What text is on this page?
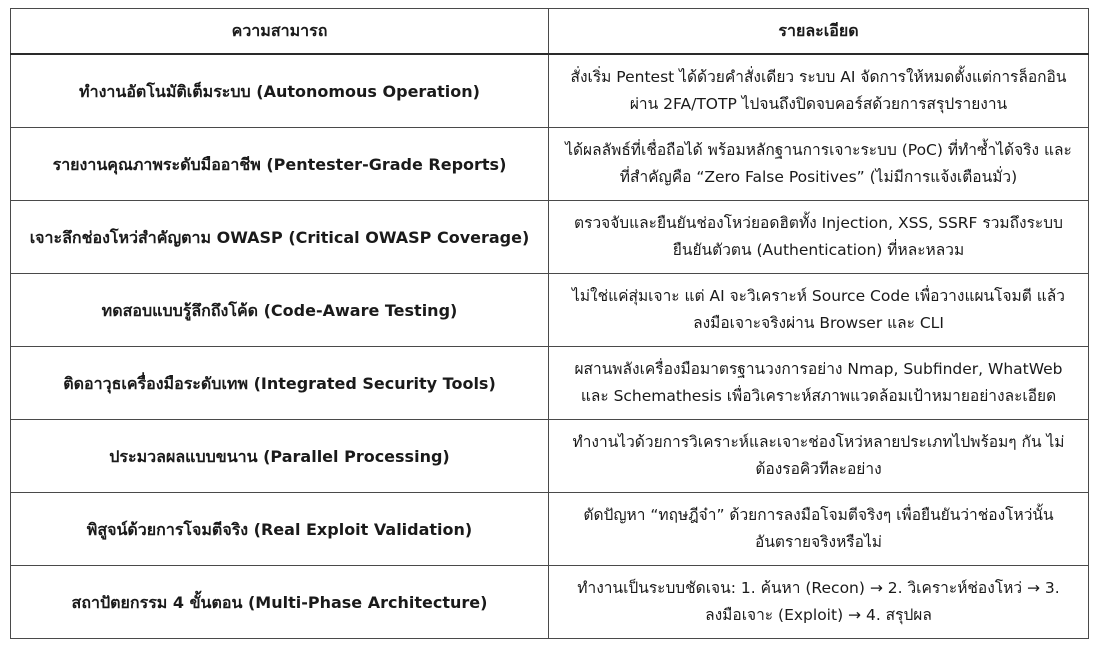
ความสามารถ	รายละเอียด
ทำงานอัตโนมัติเต็มระบบ (Autonomous Operation)	สั่งเริ่ม Pentest ได้ด้วยคำสั่งเดียว ระบบ AI จัดการให้หมดตั้งแต่การล็อกอินผ่าน 2FA/TOTP ไปจนถึงปิดจบคอร์สด้วยการสรุปรายงาน
รายงานคุณภาพระดับมืออาชีพ (Pentester-Grade Reports)	ได้ผลลัพธ์ที่เชื่อถือได้ พร้อมหลักฐานการเจาะระบบ (PoC) ที่ทำซ้ำได้จริง และที่สำคัญคือ “Zero False Positives” (ไม่มีการแจ้งเตือนมั่ว)
เจาะลึกช่องโหว่สำคัญตาม OWASP (Critical OWASP Coverage)	ตรวจจับและยืนยันช่องโหว่ยอดฮิตทั้ง Injection, XSS, SSRF รวมถึงระบบยืนยันตัวตน (Authentication) ที่หละหลวม
ทดสอบแบบรู้ลึกถึงโค้ด (Code-Aware Testing)	ไม่ใช่แค่สุ่มเจาะ แต่ AI จะวิเคราะห์ Source Code เพื่อวางแผนโจมตี แล้วลงมือเจาะจริงผ่าน Browser และ CLI
ติดอาวุธเครื่องมือระดับเทพ (Integrated Security Tools)	ผสานพลังเครื่องมือมาตรฐานวงการอย่าง Nmap, Subfinder, WhatWeb และ Schemathesis เพื่อวิเคราะห์สภาพแวดล้อมเป้าหมายอย่างละเอียด
ประมวลผลแบบขนาน (Parallel Processing)	ทำงานไวด้วยการวิเคราะห์และเจาะช่องโหว่หลายประเภทไปพร้อมๆ กัน ไม่ต้องรอคิวทีละอย่าง
พิสูจน์ด้วยการโจมตีจริง (Real Exploit Validation)	ตัดปัญหา “ทฤษฎีจ๋า” ด้วยการลงมือโจมตีจริงๆ เพื่อยืนยันว่าช่องโหว่นั้นอันตรายจริงหรือไม่
สถาปัตยกรรม 4 ขั้นตอน (Multi-Phase Architecture)	ทำงานเป็นระบบชัดเจน: 1. ค้นหา (Recon) → 2. วิเคราะห์ช่องโหว่ → 3. ลงมือเจาะ (Exploit) → 4. สรุปผล
